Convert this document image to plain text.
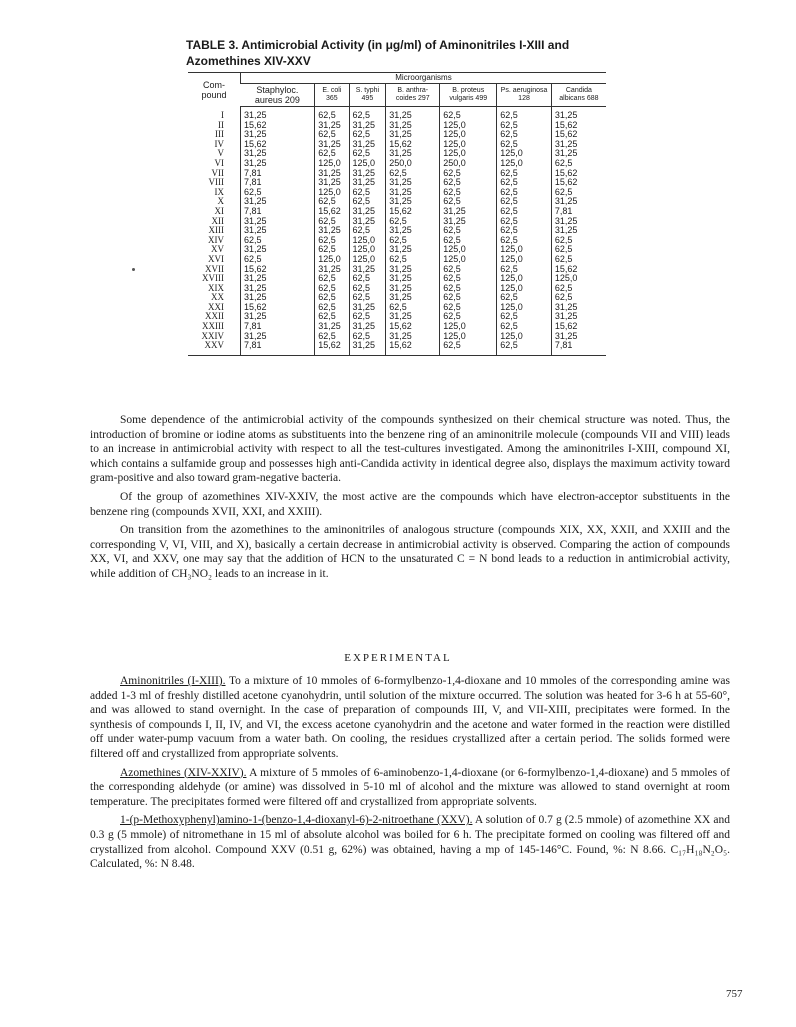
TABLE 3. Antimicrobial Activity (in μg/ml) of Aminonitriles I-XIII and Azomethines XIV-XXV
Com- pound	Microorganisms						
	Staphyloc. aureus 209	E. coli 365	S. typhi 495	B. anthra- coides 297	B. proteus vulgaris 499	Ps. aeruginosa 128	Candida albicans 688
I	31,25	62,5	62,5	31,25	62,5	62,5	31,25
II	15,62	31,25	31,25	31,25	125,0	62,5	15,62
III	31,25	62,5	62,5	31,25	125,0	62,5	15,62
IV	15,62	31,25	31,25	15,62	125,0	62,5	31,25
V	31,25	62,5	62,5	31,25	125,0	125,0	31,25
VI	31,25	125,0	125,0	250,0	250,0	125,0	62,5
VII	7,81	31,25	31,25	62,5	62,5	62,5	15,62
VIII	7,81	31,25	31,25	31,25	62,5	62,5	15,62
IX	62,5	125,0	62,5	31,25	62,5	62,5	62,5
X	31,25	62,5	62,5	31,25	62,5	62,5	31,25
XI	7,81	15,62	31,25	15,62	31,25	62,5	7,81
XII	31,25	62,5	31,25	62,5	31,25	62,5	31,25
XIII	31,25	31,25	62,5	31,25	62,5	62,5	31,25
XIV	62,5	62,5	125,0	62,5	62,5	62,5	62,5
XV	31,25	62,5	125,0	31,25	125,0	125,0	62,5
XVI	62,5	125,0	125,0	62,5	125,0	125,0	62,5
XVII	15,62	31,25	31,25	31,25	62,5	62,5	15,62
XVIII	31,25	62,5	62,5	31,25	62,5	125,0	125,0
XIX	31,25	62,5	62,5	31,25	62,5	125,0	62,5
XX	31,25	62,5	62,5	31,25	62,5	62,5	62,5
XXI	15,62	62,5	31,25	62,5	62,5	125,0	31,25
XXII	31,25	62,5	62,5	31,25	62,5	62,5	31,25
XXIII	7,81	31,25	31,25	15,62	125,0	62,5	15,62
XXIV	31,25	62,5	62,5	31,25	125,0	125,0	31,25
XXV	7,81	15,62	31,25	15,62	62,5	62,5	7,81

Some dependence of the antimicrobial activity of the compounds synthesized on their chemical structure was noted. Thus, the introduction of bromine or iodine atoms as substituents into the benzene ring of an aminonitrile molecule (compounds VII and VIII) leads to an increase in antimicrobial activity with respect to all the test-cultures investigated. Among the aminonitriles I-XIII, compound XI, which contains a sulfamide group and possesses high anti-Candida activity in identical degree also, displays the maximum activity toward gram-positive and also toward gram-negative bacteria.

Of the group of azomethines XIV-XXIV, the most active are the compounds which have electron-acceptor substituents in the benzene ring (compounds XVII, XXI, and XXIII).

On transition from the azomethines to the aminonitriles of analogous structure (compounds XIX, XX, XXII, and XXIII and the corresponding V, VI, VIII, and X), basically a certain decrease in antimicrobial activity is observed. Comparing the action of compounds XX, VI, and XXV, one may say that the addition of HCN to the unsaturated C = N bond leads to a reduction in antimicrobial activity, while addition of CH₃NO₂ leads to an increase in it.

EXPERIMENTAL

Aminonitriles (I-XIII). To a mixture of 10 mmoles of 6-formylbenzo-1,4-dioxane and 10 mmoles of the corresponding amine was added 1-3 ml of freshly distilled acetone cyanohydrin, until solution of the mixture occurred. The solution was heated for 3-6 h at 55-60°, and was allowed to stand overnight. In the case of preparation of compounds III, V, and VII-XIII, precipitates were formed. In the synthesis of compounds I, II, IV, and VI, the excess acetone cyanohydrin and the acetone and water formed in the reaction were distilled off under water-pump vacuum from a water bath. On cooling, the residues crystallized after a certain period. The solids formed were filtered off and crystallized from appropriate solvents.

Azomethines (XIV-XXIV). A mixture of 5 mmoles of 6-aminobenzo-1,4-dioxane (or 6-formylbenzo-1,4-dioxane) and 5 mmoles of the corresponding aldehyde (or amine) was dissolved in 5-10 ml of alcohol and the mixture was allowed to stand overnight at room temperature. The precipitates formed were filtered off and crystallized from appropriate solvents.

1-(p-Methoxyphenyl)amino-1-(benzo-1,4-dioxanyl-6)-2-nitroethane (XXV). A solution of 0.7 g (2.5 mmole) of azomethine XX and 0.3 g (5 mmole) of nitromethane in 15 ml of absolute alcohol was boiled for 6 h. The precipitate formed on cooling was filtered off and crystallized from alcohol. Compound XXV (0.51 g, 62%) was obtained, having a mp of 145-146°C. Found, %: N 8.66. C₁₇H₁₈N₂O₅. Calculated, %: N 8.48.

757
